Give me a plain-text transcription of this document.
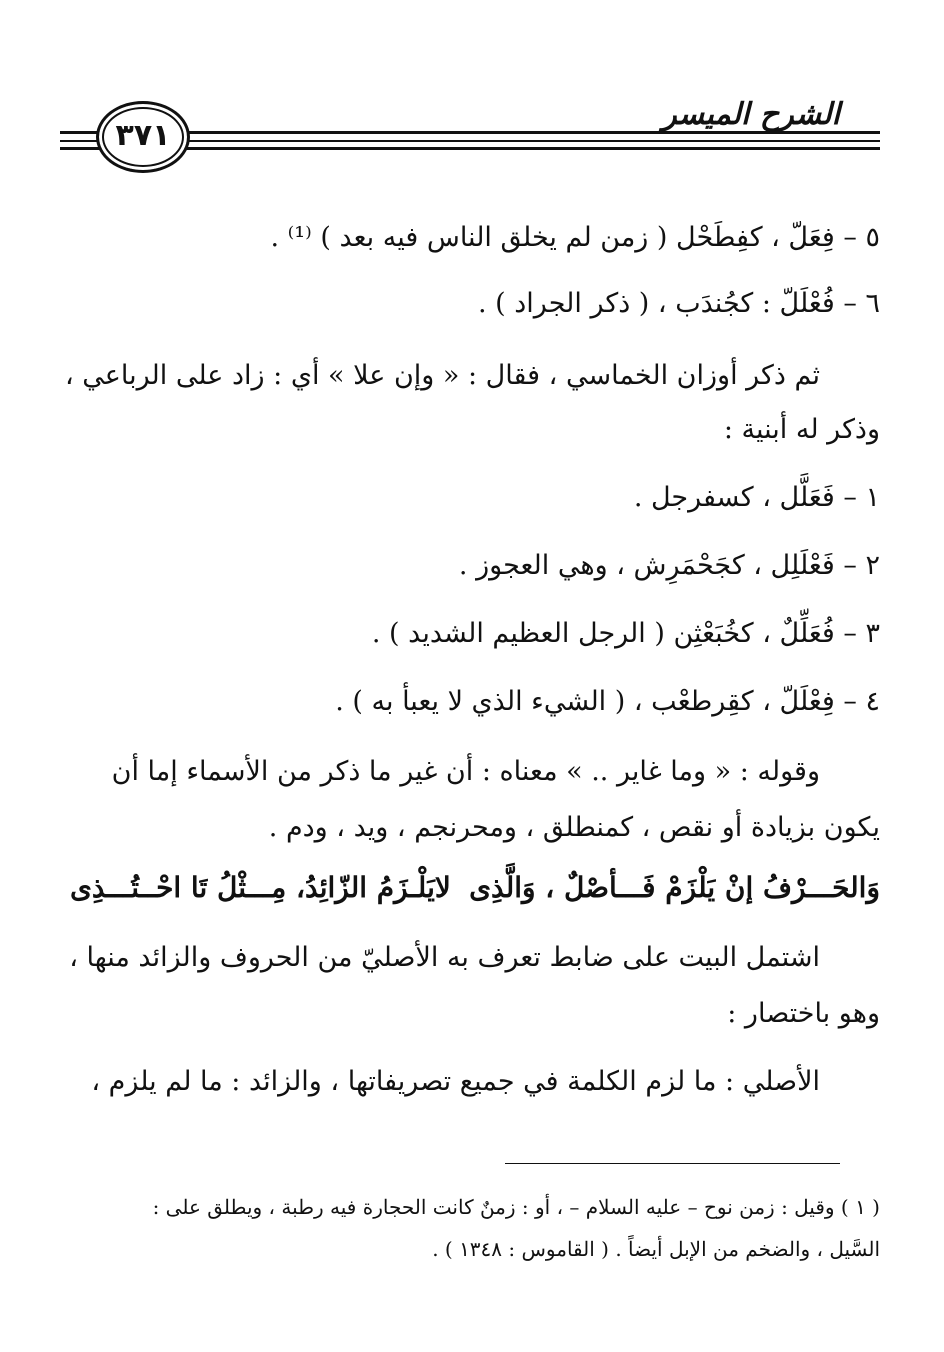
الشرح الميسر
٣٧١
٥ – فِعَلّ ، كفِطَحْل ( زمن لم يخلق الناس فيه بعد ) ⁽¹⁾ .
٦ – فُعْلَلّ : كجُندَب ، ( ذكر الجراد ) .
ثم ذكر أوزان الخماسي ، فقال : « وإن علا » أي : زاد على الرباعي ،
وذكر له أبنية :
١ – فَعَلَّل ، كسفرجل .
٢ – فَعْلَلِل ، كجَحْمَرِش ، وهي العجوز .
٣ – فُعَلِّلٌ ، كخُبَعْثِن ( الرجل العظيم الشديد ) .
٤ – فِعْلَلّ ، كقِرطعْب ، ( الشيء الذي لا يعبأ به ) .
وقوله : « وما غاير .. » معناه : أن غير ما ذكر من الأسماء إما أن
يكون بزيادة أو نقص ، كمنطلق ، ومحرنجم ، ويد ، ودم .
وَالحَـــرْفُ إنْ يَلْزَمْ فَـــأصْلٌ ، وَالَّذِى
لايَلْـزَمُ الزّائِدُ، مِـــثْلُ تَا احْــتُـــذِى
اشتمل البيت على ضابط تعرف به الأصليّ من الحروف والزائد منها ،
وهو باختصار :
الأصلي : ما لزم الكلمة في جميع تصريفاتها ، والزائد : ما لم يلزم ،
( ١ ) وقيل : زمن نوح – عليه السلام – ، أو : زمنٌ كانت الحجارة فيه رطبة ، ويطلق على :
السَّيل ، والضخم من الإبل أيضاً . ( القاموس : ١٣٤٨ ) .
